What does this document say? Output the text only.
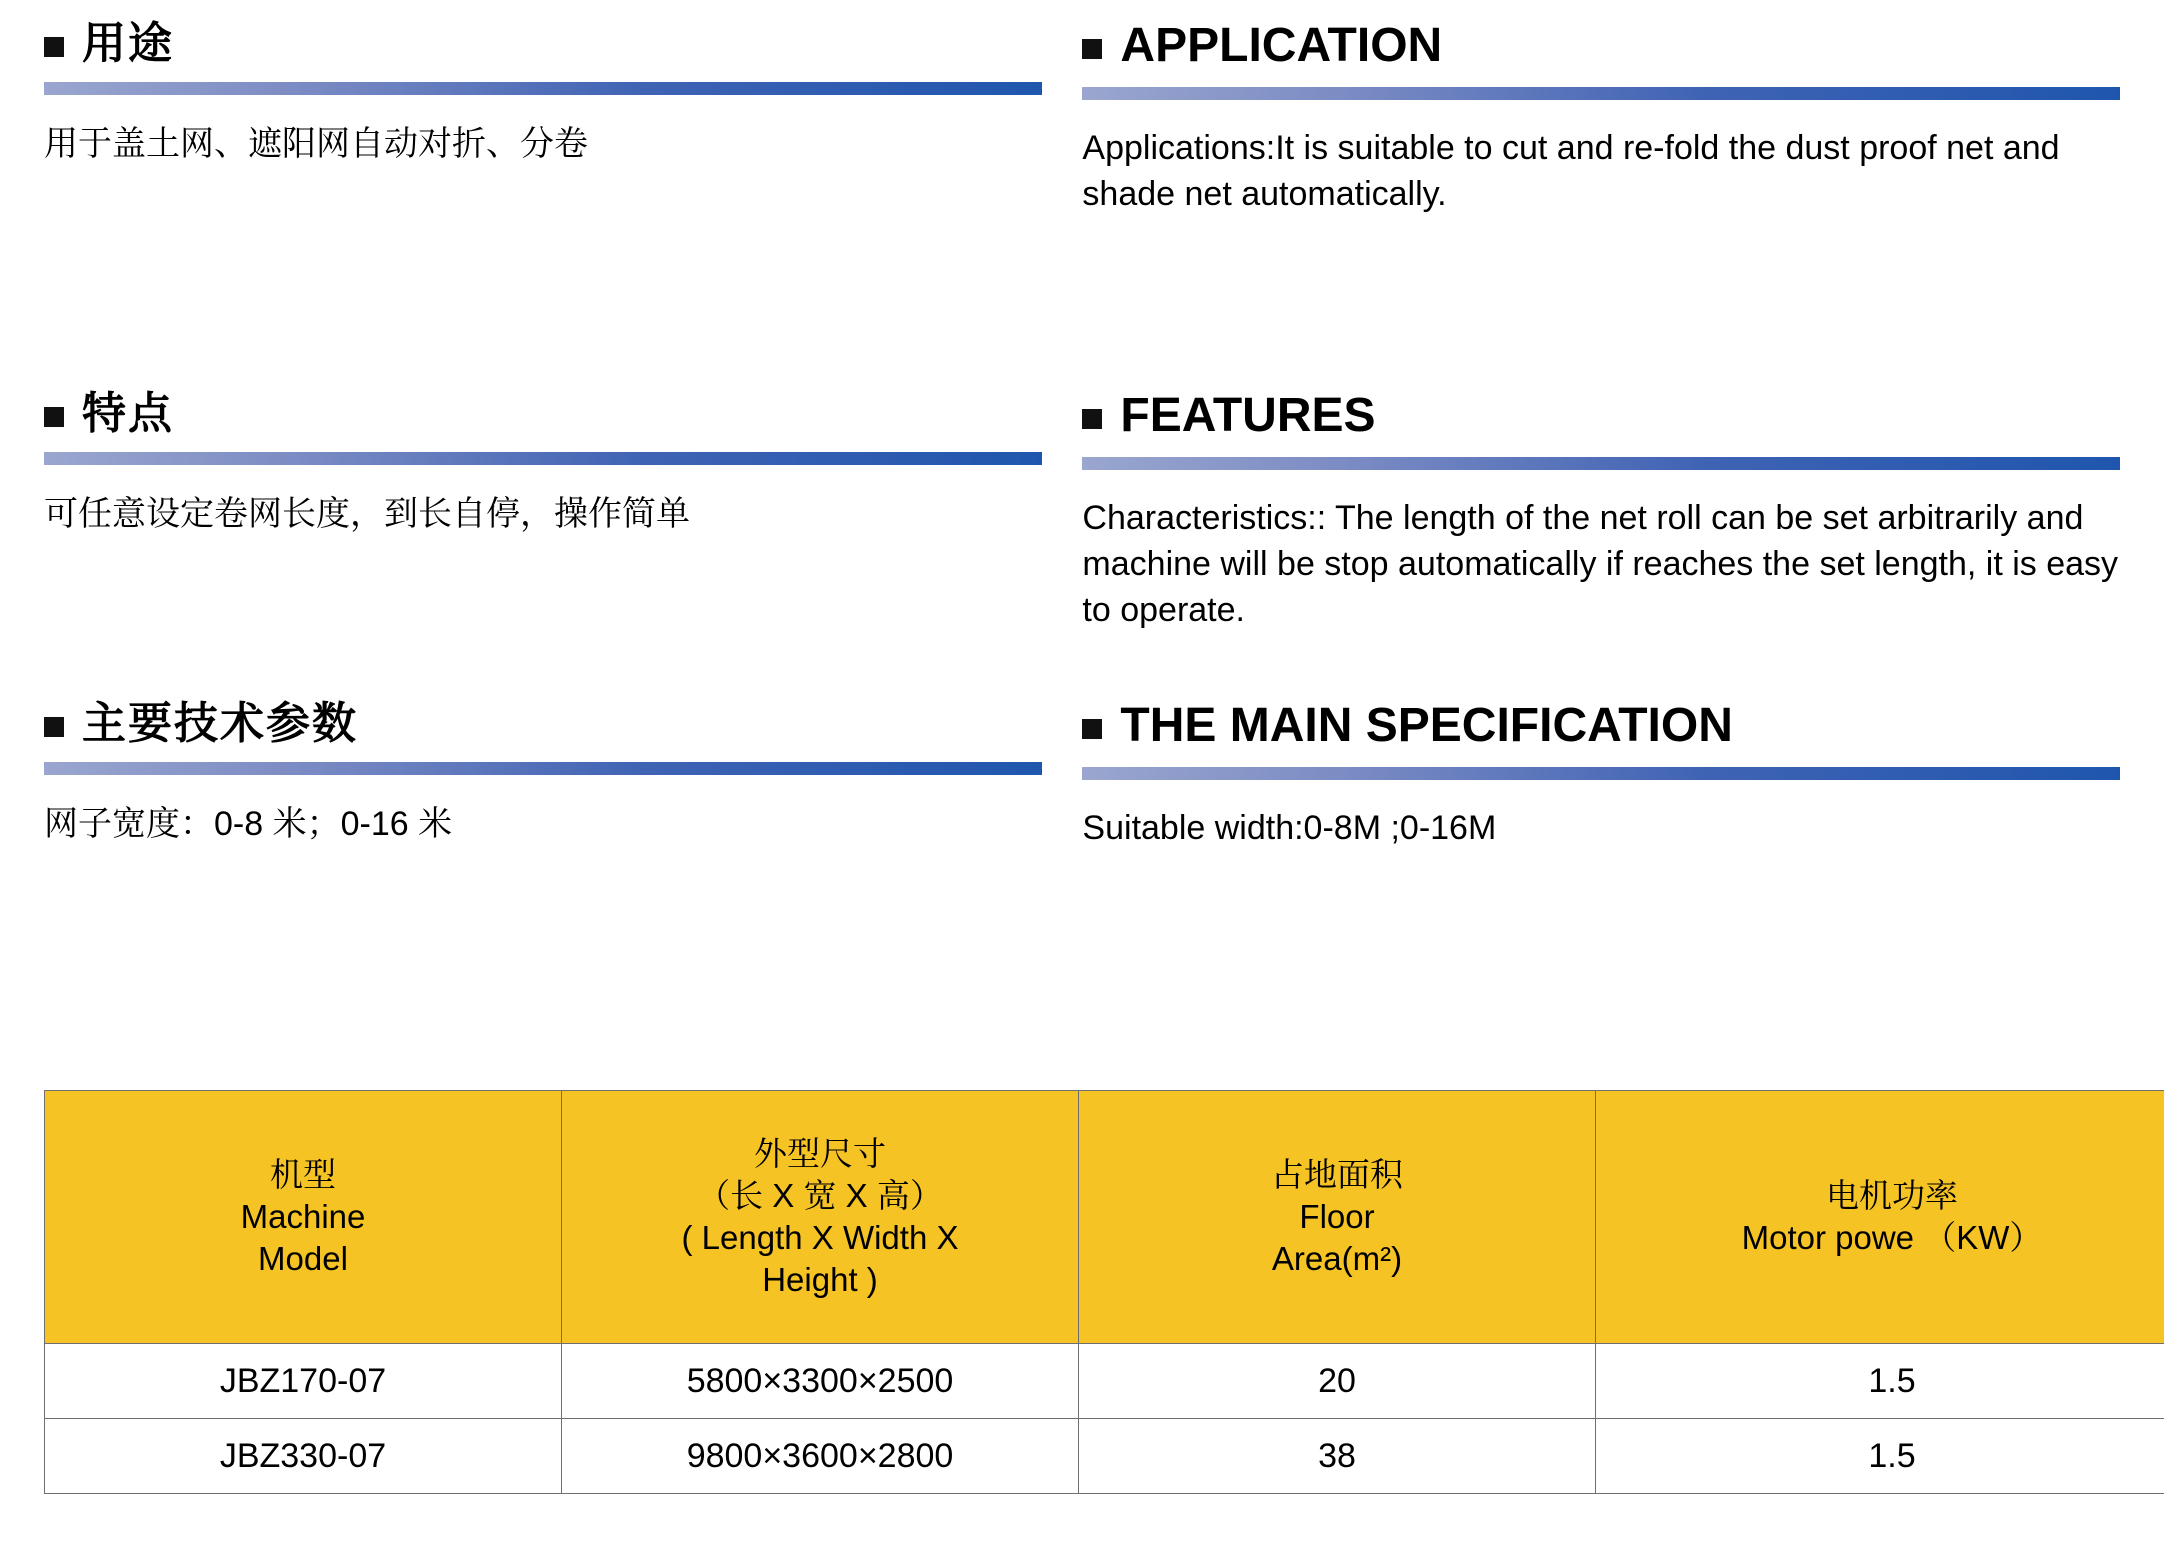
用途
用于盖土网、遮阳网自动对折、分卷
APPLICATION
Applications:It is suitable to cut and re-fold the dust proof net and shade net automatically.
特点
可任意设定卷网长度，到长自停，操作简单
FEATURES
Characteristics:: The length of the net roll can be set arbitrarily and machine will be stop automatically if reaches the set length, it is easy to operate.
主要技术参数
网子宽度：0-8 米；0-16 米
THE MAIN SPECIFICATION
Suitable width:0-8M ;0-16M
机型
Machine
Model

外型尺寸
（长 X 宽 X 高）
( Length X Width X
Height )

占地面积
Floor
Area(m²)

电机功率
Motor powe （KW）

JBZ170-07	5800×3300×2500	20	1.5
JBZ330-07	9800×3600×2800	38	1.5
